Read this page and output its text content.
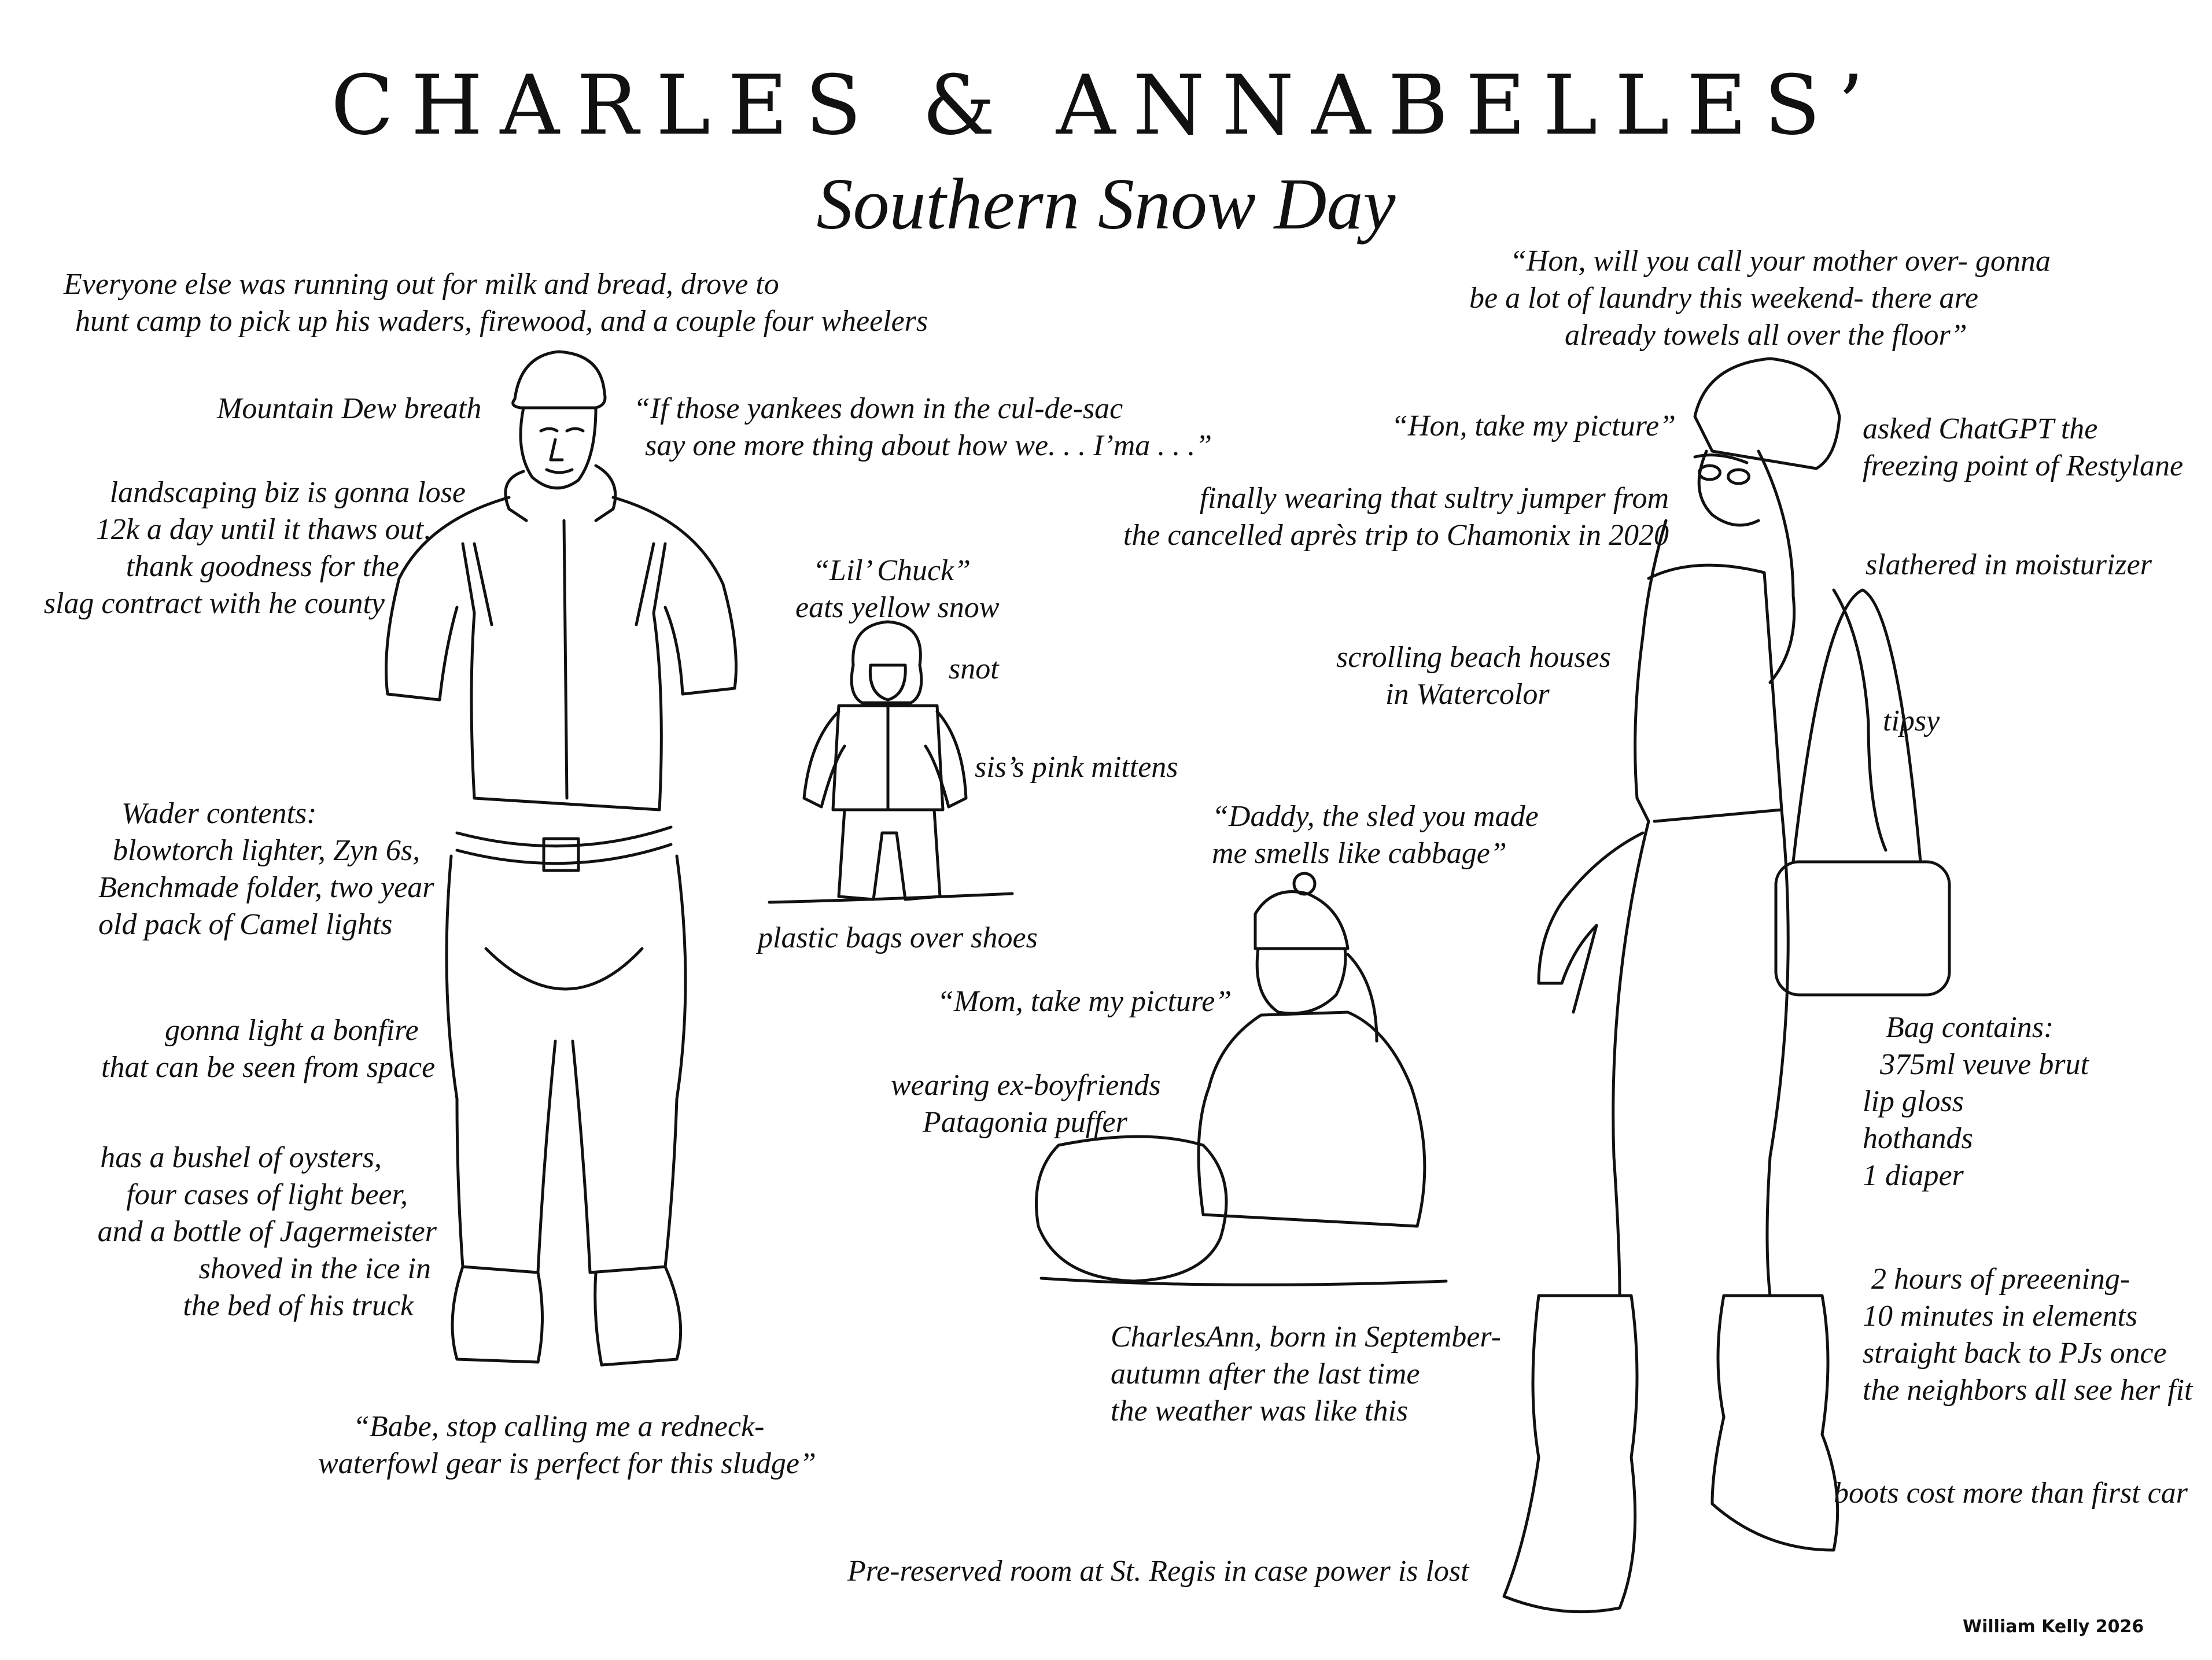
CHARLES & ANNABELLES’
Southern Snow Day
Everyone else was running out for milk and bread, drove to
hunt camp to pick up his waders, firewood, and a couple four wheelers
Mountain Dew breath	“If those yankees down in the cul-de-sac
say one more thing about how we. . . I’ma . . .”
landscaping biz is gonna lose
12k a day until it thaws out,
thank goodness for the
slag contract with he county
Wader contents:
blowtorch lighter, Zyn 6s,
Benchmade folder, two year
old pack of Camel lights
gonna light a bonfire
that can be seen from space
has a bushel of oysters,
four cases of light beer,
and a bottle of Jagermeister
shoved in the ice in
the bed of his truck
“Babe, stop calling me a redneck-
waterfowl gear is perfect for this sludge”
“Lil’ Chuck”
eats yellow snow
snot
sis’s pink mittens
plastic bags over shoes
“Daddy, the sled you made
me smells like cabbage”
“Mom, take my picture”
wearing ex-boyfriends
Patagonia puffer
CharlesAnn, born in September-
autumn after the last time
the weather was like this
Pre-reserved room at St. Regis in case power is lost
“Hon, will you call your mother over- gonna
be a lot of laundry this weekend- there are
already towels all over the floor”
“Hon, take my picture”	asked ChatGPT the
freezing point of Restylane
finally wearing that sultry jumper from
the cancelled après trip to Chamonix in 2020
slathered in moisturizer
scrolling beach houses
in Watercolor
tipsy
Bag contains:
375ml veuve brut
lip gloss
hothands
1 diaper
2 hours of preeening-
10 minutes in elements
straight back to PJs once
the neighbors all see her fit
boots cost more than first car
William Kelly 2026
